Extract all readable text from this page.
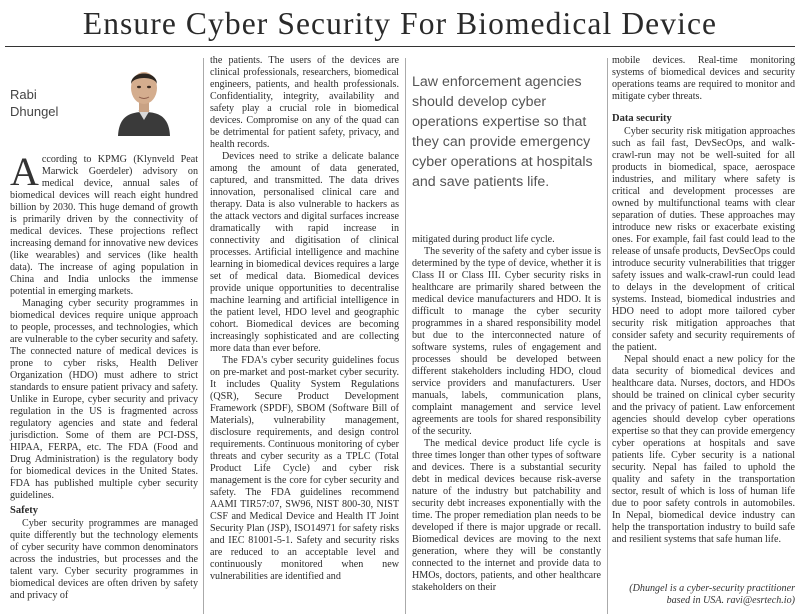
Ensure Cyber Security For Biomedical Device
Rabi
Dhungel

According to KPMG (Klynveld Peat Marwick Goerdeler) advisory on medical device, annual sales of biomedical devices will reach eight hundred billion by 2030. This huge demand of growth is primarily driven by the connectivity of medical devices. These projections reflect increasing demand for innovative new devices (like wearables) and services (like health data). The increase of aging population in China and India unlocks the immense potential in emerging markets.

Managing cyber security programmes in biomedical devices require unique approach to people, processes, and technologies, which are vulnerable to the cyber security and safety. The connected nature of medical devices is prone to cyber risks, Health Deliver Organization (HDO) must adhere to strict standards to ensure patient privacy and safety. Unlike in Europe, cyber security and privacy regulation in the US is fragmented across regulatory agencies and state and federal jurisdiction. Some of them are PCI-DSS, HIPAA, FERPA, etc. The FDA (Food and Drug Administration) is the regulatory body for biomedical devices in the United States. FDA has published multiple cyber security guidelines.

Safety

Cyber security programmes are managed quite differently but the technology elements of cyber security have common denominators across the industries, but processes and the talent vary. Cyber security programmes in biomedical devices are often driven by safety and privacy of

the patients. The users of the devices are clinical professionals, researchers, biomedical engineers, patients, and health professionals. Confidentiality, integrity, availability and safety play a crucial role in biomedical devices. Compromise on any of the quad can be detrimental for patient safety, privacy, and health records.

Devices need to strike a delicate balance among the amount of data generated, captured, and transmitted. The data drives innovation, personalised clinical care and therapy. Data is also vulnerable to hackers as the attack vectors and digital surfaces increase dramatically with rapid increase in connectivity and digitisation of clinical processes. Artificial intelligence and machine learning in biomedical devices requires a large set of medical data. Biomedical devices provide unique opportunities to decentralise machine learning and artificial intelligence in the patient level, HDO level and geographic cohort. Biomedical devices are becoming increasingly sophisticated and are collecting more data than ever before.

The FDA's cyber security guidelines focus on pre-market and post-market cyber security. It includes Quality System Regulations (QSR), Secure Product Development Framework (SPDF), SBOM (Software Bill of Materials), vulnerability management, disclosure requirements, and design control requirements. Continuous monitoring of cyber threats and cyber security as a TPLC (Total Product Life Cycle) and cyber risk management is the core for cyber security and safety. The FDA guidelines recommend AAMI TIR57:07, SW96, NIST 800-30, NIST CSF and Medical Device and Health IT Joint Security Plan (JSP), ISO14971 for safety risks and IEC 81001-5-1. Safety and security risks are reduced to an acceptable level and continuously monitored when new vulnerabilities are identified and

Law enforcement agencies should develop cyber operations expertise so that they can provide emergency cyber operations at hospitals and save patients life.

mitigated during product life cycle.

The severity of the safety and cyber issue is determined by the type of device, whether it is Class II or Class III. Cyber security risks in healthcare are primarily shared between the medical device manufacturers and HDO. It is difficult to manage the cyber security programmes in a shared responsibility model but due to the interconnected nature of software systems, rules of engagement and processes should be developed between different stakeholders including HDO, cloud service providers and manufacturers. User manuals, labels, communication plans, complaint management and service level agreements are tools for shared responsibility of the security.

The medical device product life cycle is three times longer than other types of software and devices. There is a substantial security debt in medical devices because risk-averse nature of the industry but patchability and security debt increases exponentially with the time. The proper remediation plan needs to be developed if there is major upgrade or recall. Biomedical devices are moving to the next generation, where they will be constantly connected to the internet and provide data to HMOs, doctors, patients, and other healthcare stakeholders on their

mobile devices. Real-time monitoring systems of biomedical devices and security operations teams are required to monitor and mitigate cyber threats.

Data security

Cyber security risk mitigation approaches such as fail fast, DevSecOps, and walk-crawl-run may not be well-suited for all products in biomedical, space, aerospace industries, and military where safety is critical and development processes are owned by multifunctional teams with clear separation of duties. These approaches may introduce new risks or exacerbate existing ones. For example, fail fast could lead to the release of unsafe products, DevSecOps could introduce security vulnerabilities that trigger safety issues and walk-crawl-run could lead to delays in the development of critical systems. Instead, biomedical industries and HDO need to adopt more tailored cyber security risk mitigation approaches that consider safety and security requirements of the patient.

Nepal should enact a new policy for the data security of biomedical devices and healthcare data. Nurses, doctors, and HDOs should be trained on clinical cyber security and the privacy of patient. Law enforcement agencies should develop cyber operations expertise so that they can provide emergency cyber operations at hospitals and save patients life. Cyber security is a national security. Nepal has failed to uphold the quality and safety in the transportation sector, result of which is loss of human life due to poor safety controls in automobiles. In Nepal, biomedical device industry can help the transportation industry to build safe and resilient systems that safe human life.

(Dhungel is a cyber-security practitioner based in USA. ravi@esrtech.io)
